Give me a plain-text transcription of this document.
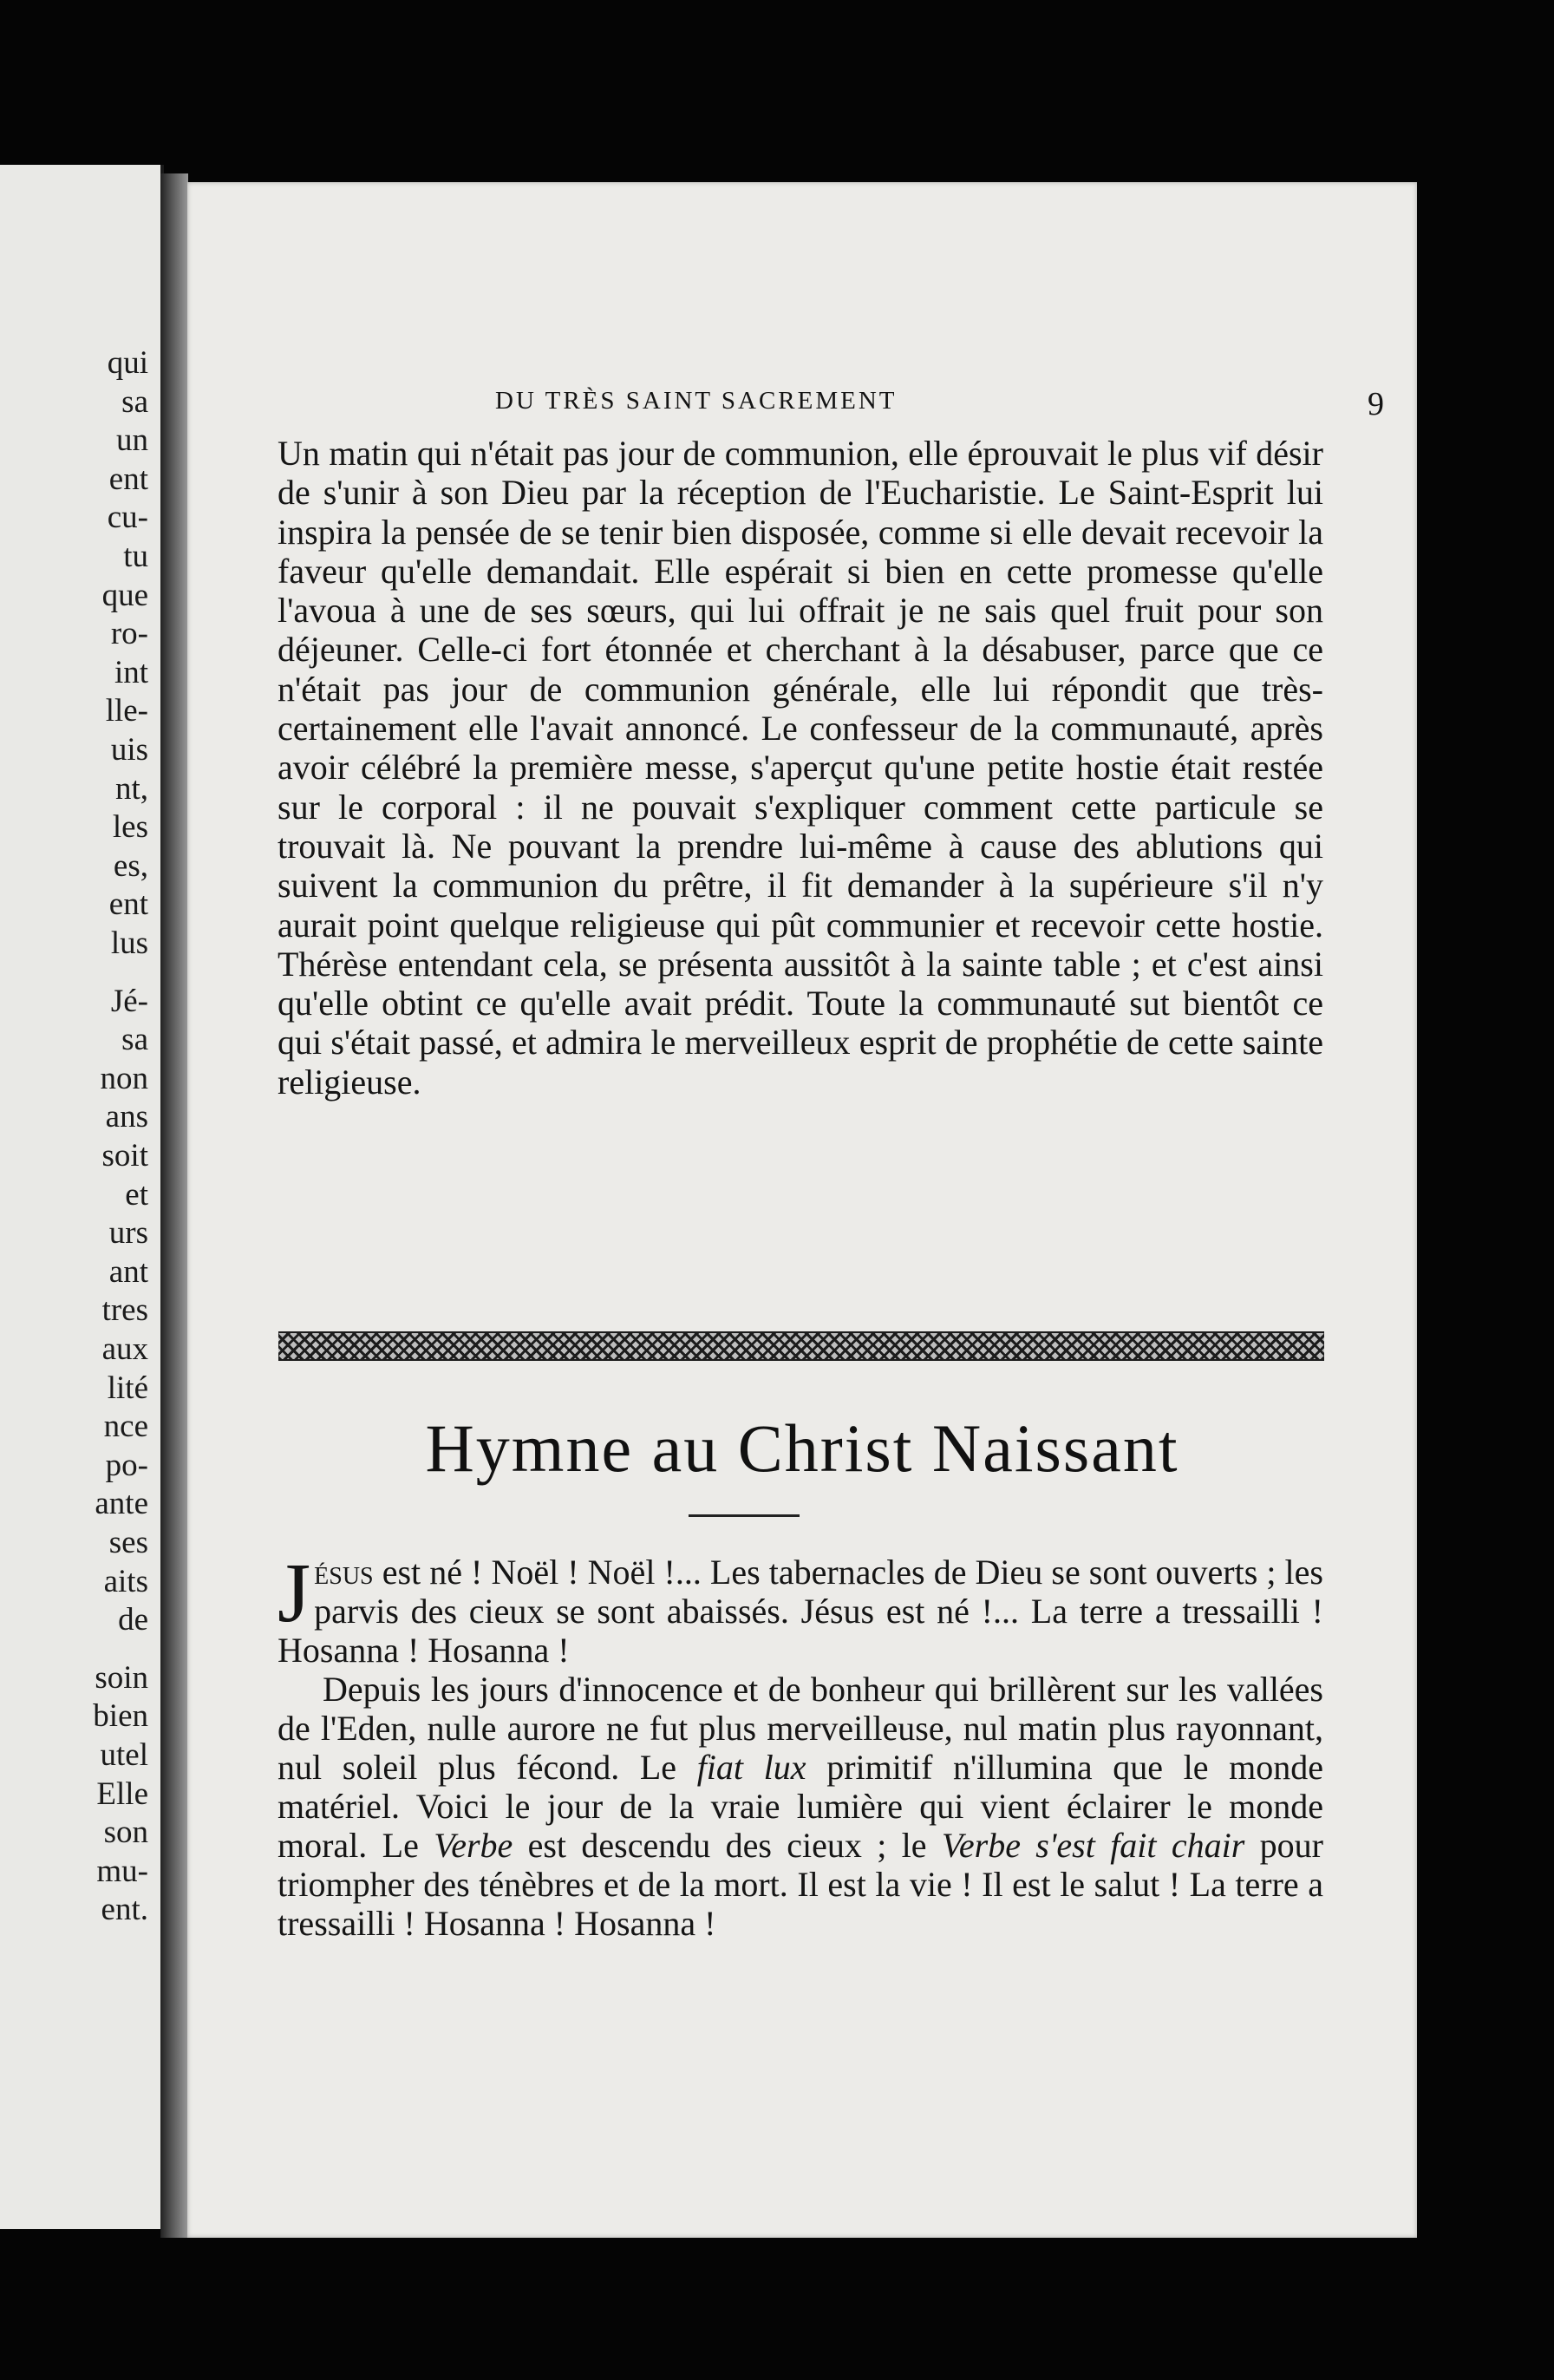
qui
sa
un
ent
cu-
tu
que
ro-
int
lle-
uis
nt,
les
es,
ent
lus
Jé-
sa
non
ans
soit
et
urs
ant
tres
aux
lité
nce
po-
ante
ses
aits
de
soin
bien
utel
Elle
son
mu-
ent.
DU TRÈS SAINT SACREMENT	9
Un matin qui n'était pas jour de communion, elle éprouvait le plus vif désir de s'unir à son Dieu par la réception de l'Eucharistie. Le Saint-Esprit lui inspira la pensée de se tenir bien disposée, comme si elle devait recevoir la faveur qu'elle demandait. Elle espérait si bien en cette promesse qu'elle l'avoua à une de ses sœurs, qui lui offrait je ne sais quel fruit pour son déjeuner. Celle-ci fort étonnée et cherchant à la désabuser, parce que ce n'était pas jour de communion générale, elle lui répondit que très-certainement elle l'avait annoncé. Le confesseur de la communauté, après avoir célébré la première messe, s'aperçut qu'une petite hostie était restée sur le corporal : il ne pouvait s'expliquer comment cette particule se trouvait là. Ne pouvant la prendre lui-même à cause des ablutions qui suivent la communion du prêtre, il fit demander à la supérieure s'il n'y aurait point quelque religieuse qui pût communier et recevoir cette hostie. Thérèse entendant cela, se présenta aussitôt à la sainte table ; et c'est ainsi qu'elle obtint ce qu'elle avait prédit. Toute la communauté sut bientôt ce qui s'était passé, et admira le merveilleux esprit de prophétie de cette sainte religieuse.
Hymne au Christ Naissant

Jésus est né ! Noël ! Noël !... Les tabernacles de Dieu se sont ouverts ; les parvis des cieux se sont abaissés. Jésus est né !... La terre a tressailli ! Hosanna ! Hosanna !

Depuis les jours d'innocence et de bonheur qui brillèrent sur les vallées de l'Eden, nulle aurore ne fut plus merveilleuse, nul matin plus rayonnant, nul soleil plus fécond. Le fiat lux primitif n'illumina que le monde matériel. Voici le jour de la vraie lumière qui vient éclairer le monde moral. Le Verbe est descendu des cieux ; le Verbe s'est fait chair pour triompher des ténèbres et de la mort. Il est la vie ! Il est le salut ! La terre a tressailli ! Hosanna ! Hosanna !
